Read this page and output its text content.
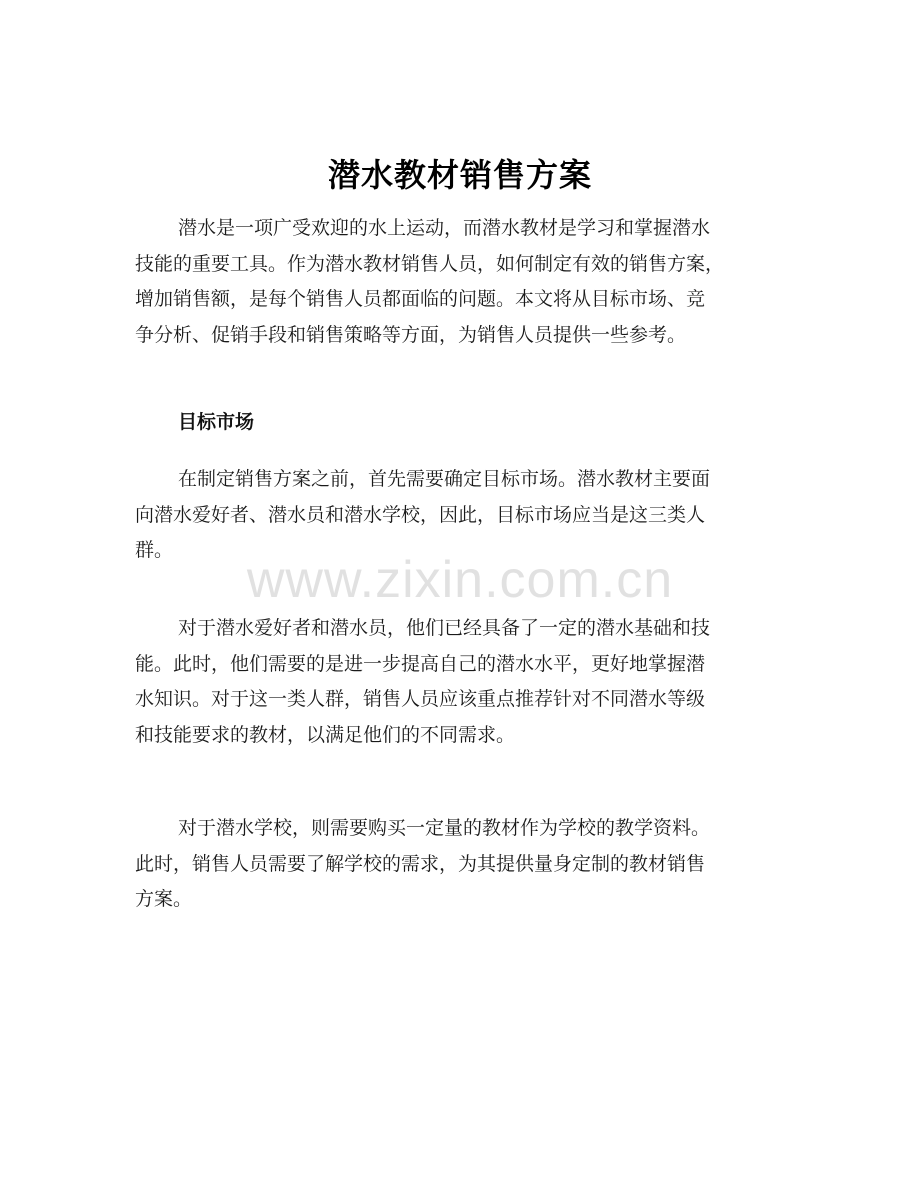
潜水教材销售方案
潜水是一项广受欢迎的水上运动，而潜水教材是学习和掌握潜水
技能的重要工具。作为潜水教材销售人员，如何制定有效的销售方案，
增加销售额，是每个销售人员都面临的问题。本文将从目标市场、竞
争分析、促销手段和销售策略等方面，为销售人员提供一些参考。
目标市场
在制定销售方案之前，首先需要确定目标市场。潜水教材主要面
向潜水爱好者、潜水员和潜水学校，因此，目标市场应当是这三类人
群。
对于潜水爱好者和潜水员，他们已经具备了一定的潜水基础和技
能。此时，他们需要的是进一步提高自己的潜水水平，更好地掌握潜
水知识。对于这一类人群，销售人员应该重点推荐针对不同潜水等级
和技能要求的教材，以满足他们的不同需求。
对于潜水学校，则需要购买一定量的教材作为学校的教学资料。
此时，销售人员需要了解学校的需求，为其提供量身定制的教材销售
方案。
www.zixin.com.cn
